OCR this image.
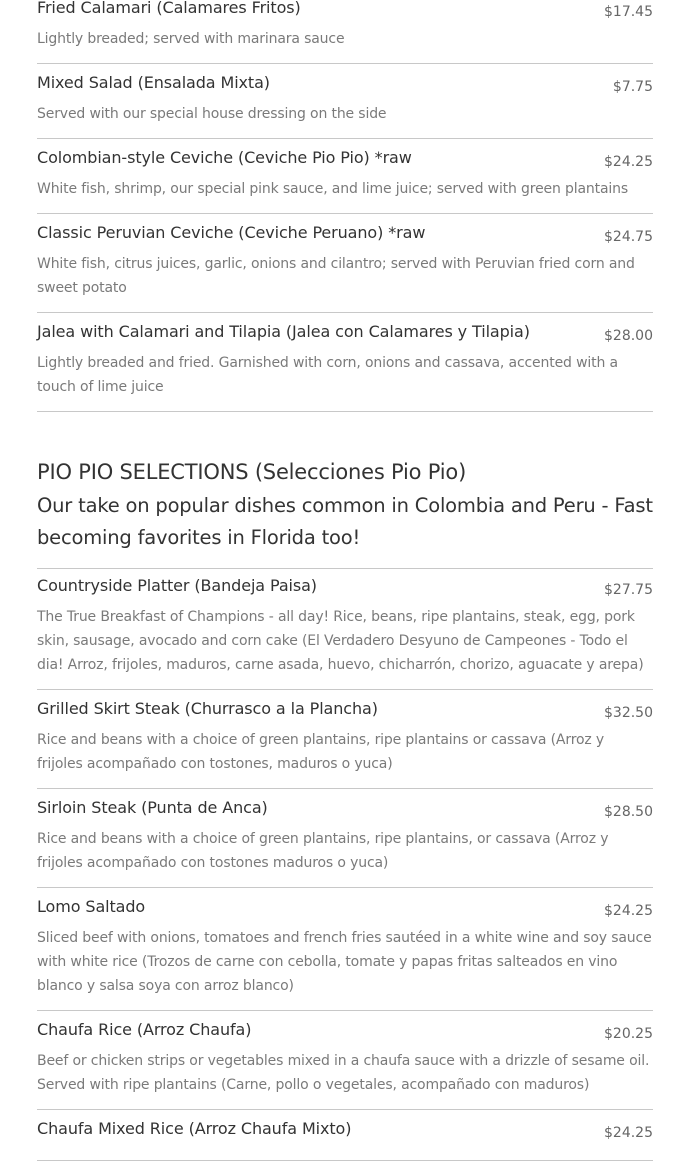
Fried Calamari (Calamares Fritos)	$17.45
Lightly breaded; served with marinara sauce
Mixed Salad (Ensalada Mixta)	$7.75
Served with our special house dressing on the side
Colombian-style Ceviche (Ceviche Pio Pio) *raw	$24.25
White fish, shrimp, our special pink sauce, and lime juice; served with green plantains
Classic Peruvian Ceviche (Ceviche Peruano) *raw	$24.75
White fish, citrus juices, garlic, onions and cilantro; served with Peruvian fried corn and sweet potato
Jalea with Calamari and Tilapia (Jalea con Calamares y Tilapia)	$28.00
Lightly breaded and fried. Garnished with corn, onions and cassava, accented with a touch of lime juice
PIO PIO SELECTIONS (Selecciones Pio Pio)
Our take on popular dishes common in Colombia and Peru - Fast becoming favorites in Florida too!
Countryside Platter (Bandeja Paisa)	$27.75
The True Breakfast of Champions - all day! Rice, beans, ripe plantains, steak, egg, pork skin, sausage, avocado and corn cake (El Verdadero Desyuno de Campeones - Todo el dia! Arroz, frijoles, maduros, carne asada, huevo, chicharrón, chorizo, aguacate y arepa)
Grilled Skirt Steak (Churrasco a la Plancha)	$32.50
Rice and beans with a choice of green plantains, ripe plantains or cassava (Arroz y frijoles acompañado con tostones, maduros o yuca)
Sirloin Steak (Punta de Anca)	$28.50
Rice and beans with a choice of green plantains, ripe plantains, or cassava (Arroz y frijoles acompañado con tostones maduros o yuca)
Lomo Saltado	$24.25
Sliced beef with onions, tomatoes and french fries sautéed in a white wine and soy sauce with white rice (Trozos de carne con cebolla, tomate y papas fritas salteados en vino blanco y salsa soya con arroz blanco)
Chaufa Rice (Arroz Chaufa)	$20.25
Beef or chicken strips or vegetables mixed in a chaufa sauce with a drizzle of sesame oil. Served with ripe plantains (Carne, pollo o vegetales, acompañado con maduros)
Chaufa Mixed Rice (Arroz Chaufa Mixto)	$24.25
